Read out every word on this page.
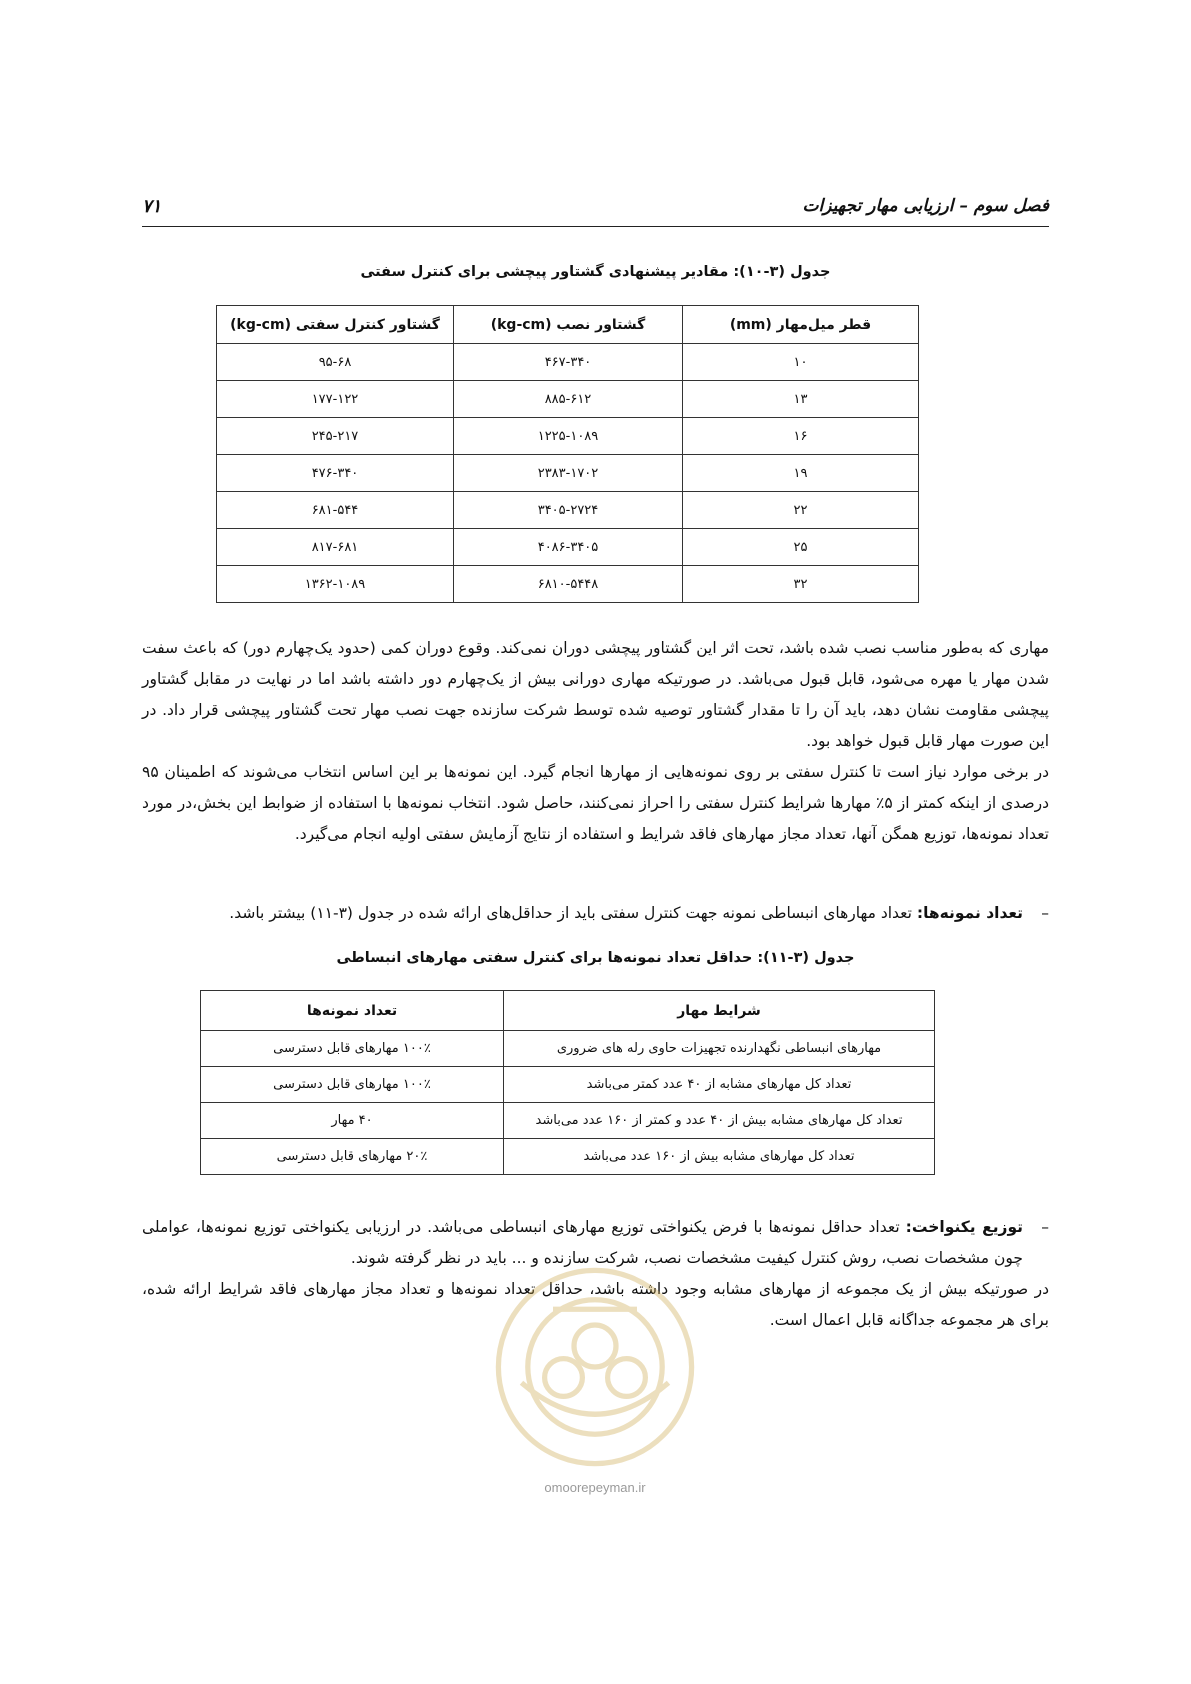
فصل سوم – ارزیابی مهار تجهیزات
۷۱
جدول (۳-۱۰): مقادیر پیشنهادی گشتاور پیچشی برای کنترل سفتی
قطر میل‌مهار (mm)	گشتاور نصب (kg-cm)	گشتاور کنترل سفتی (kg-cm)
۱۰	۴۶۷-۳۴۰	۹۵-۶۸
۱۳	۸۸۵-۶۱۲	۱۷۷-۱۲۲
۱۶	۱۲۲۵-۱۰۸۹	۲۴۵-۲۱۷
۱۹	۲۳۸۳-۱۷۰۲	۴۷۶-۳۴۰
۲۲	۳۴۰۵-۲۷۲۴	۶۸۱-۵۴۴
۲۵	۴۰۸۶-۳۴۰۵	۸۱۷-۶۸۱
۳۲	۶۸۱۰-۵۴۴۸	۱۳۶۲-۱۰۸۹

مهاری که به‌طور مناسب نصب شده باشد، تحت اثر این گشتاور پیچشی دوران نمی‌کند. وقوع دوران کمی (حدود یک‌چهارم دور) که باعث سفت شدن مهار یا مهره می‌شود، قابل قبول می‌باشد. در صورتیکه مهاری دورانی بیش از یک‌چهارم دور داشته باشد اما در نهایت در مقابل گشتاور پیچشی مقاومت نشان دهد، باید آن را تا مقدار گشتاور توصیه شده توسط شرکت سازنده جهت نصب مهار تحت گشتاور پیچشی قرار داد. در این صورت مهار قابل قبول خواهد بود.

در برخی موارد نیاز است تا کنترل سفتی بر روی نمونه‌هایی از مهارها انجام گیرد. این نمونه‌ها بر این اساس انتخاب می‌شوند که اطمینان ۹۵ درصدی از اینکه کمتر از ۵٪ مهارها شرایط کنترل سفتی را احراز نمی‌کنند، حاصل شود. انتخاب نمونه‌ها با استفاده از ضوابط این بخش،در مورد تعداد نمونه‌ها، توزیع همگن آنها، تعداد مجاز مهارهای فاقد شرایط و استفاده از نتایج آزمایش سفتی اولیه انجام می‌گیرد.

–
تعداد نمونه‌ها: تعداد مهارهای انبساطی نمونه جهت کنترل سفتی باید از حداقل‌های ارائه شده در جدول (۳-۱۱) بیشتر باشد.

جدول (۳-۱۱): حداقل تعداد نمونه‌ها برای کنترل سفتی مهارهای انبساطی
شرایط مهار	تعداد نمونه‌ها
مهارهای انبساطی نگهدارنده تجهیزات حاوی رله های ضروری	۱۰۰٪ مهارهای قابل دسترسی
تعداد کل مهارهای مشابه از ۴۰ عدد کمتر می‌باشد	۱۰۰٪ مهارهای قابل دسترسی
تعداد کل مهارهای مشابه بیش از ۴۰ عدد و کمتر از ۱۶۰ عدد می‌باشد	۴۰ مهار
تعداد کل مهارهای مشابه بیش از ۱۶۰ عدد می‌باشد	۲۰٪ مهارهای قابل دسترسی

–
توزیع یکنواخت: تعداد حداقل نمونه‌ها با فرض یکنواختی توزیع مهارهای انبساطی می‌باشد. در ارزیابی یکنواختی توزیع نمونه‌ها، عواملی چون مشخصات نصب، روش کنترل کیفیت مشخصات نصب، شرکت سازنده و ... باید در نظر گرفته شوند.

در صورتیکه بیش از یک مجموعه از مهارهای مشابه وجود داشته باشد، حداقل تعداد نمونه‌ها و تعداد مجاز مهارهای فاقد شرایط ارائه شده، برای هر مجموعه جداگانه قابل اعمال است.

omoorepeyman.ir
